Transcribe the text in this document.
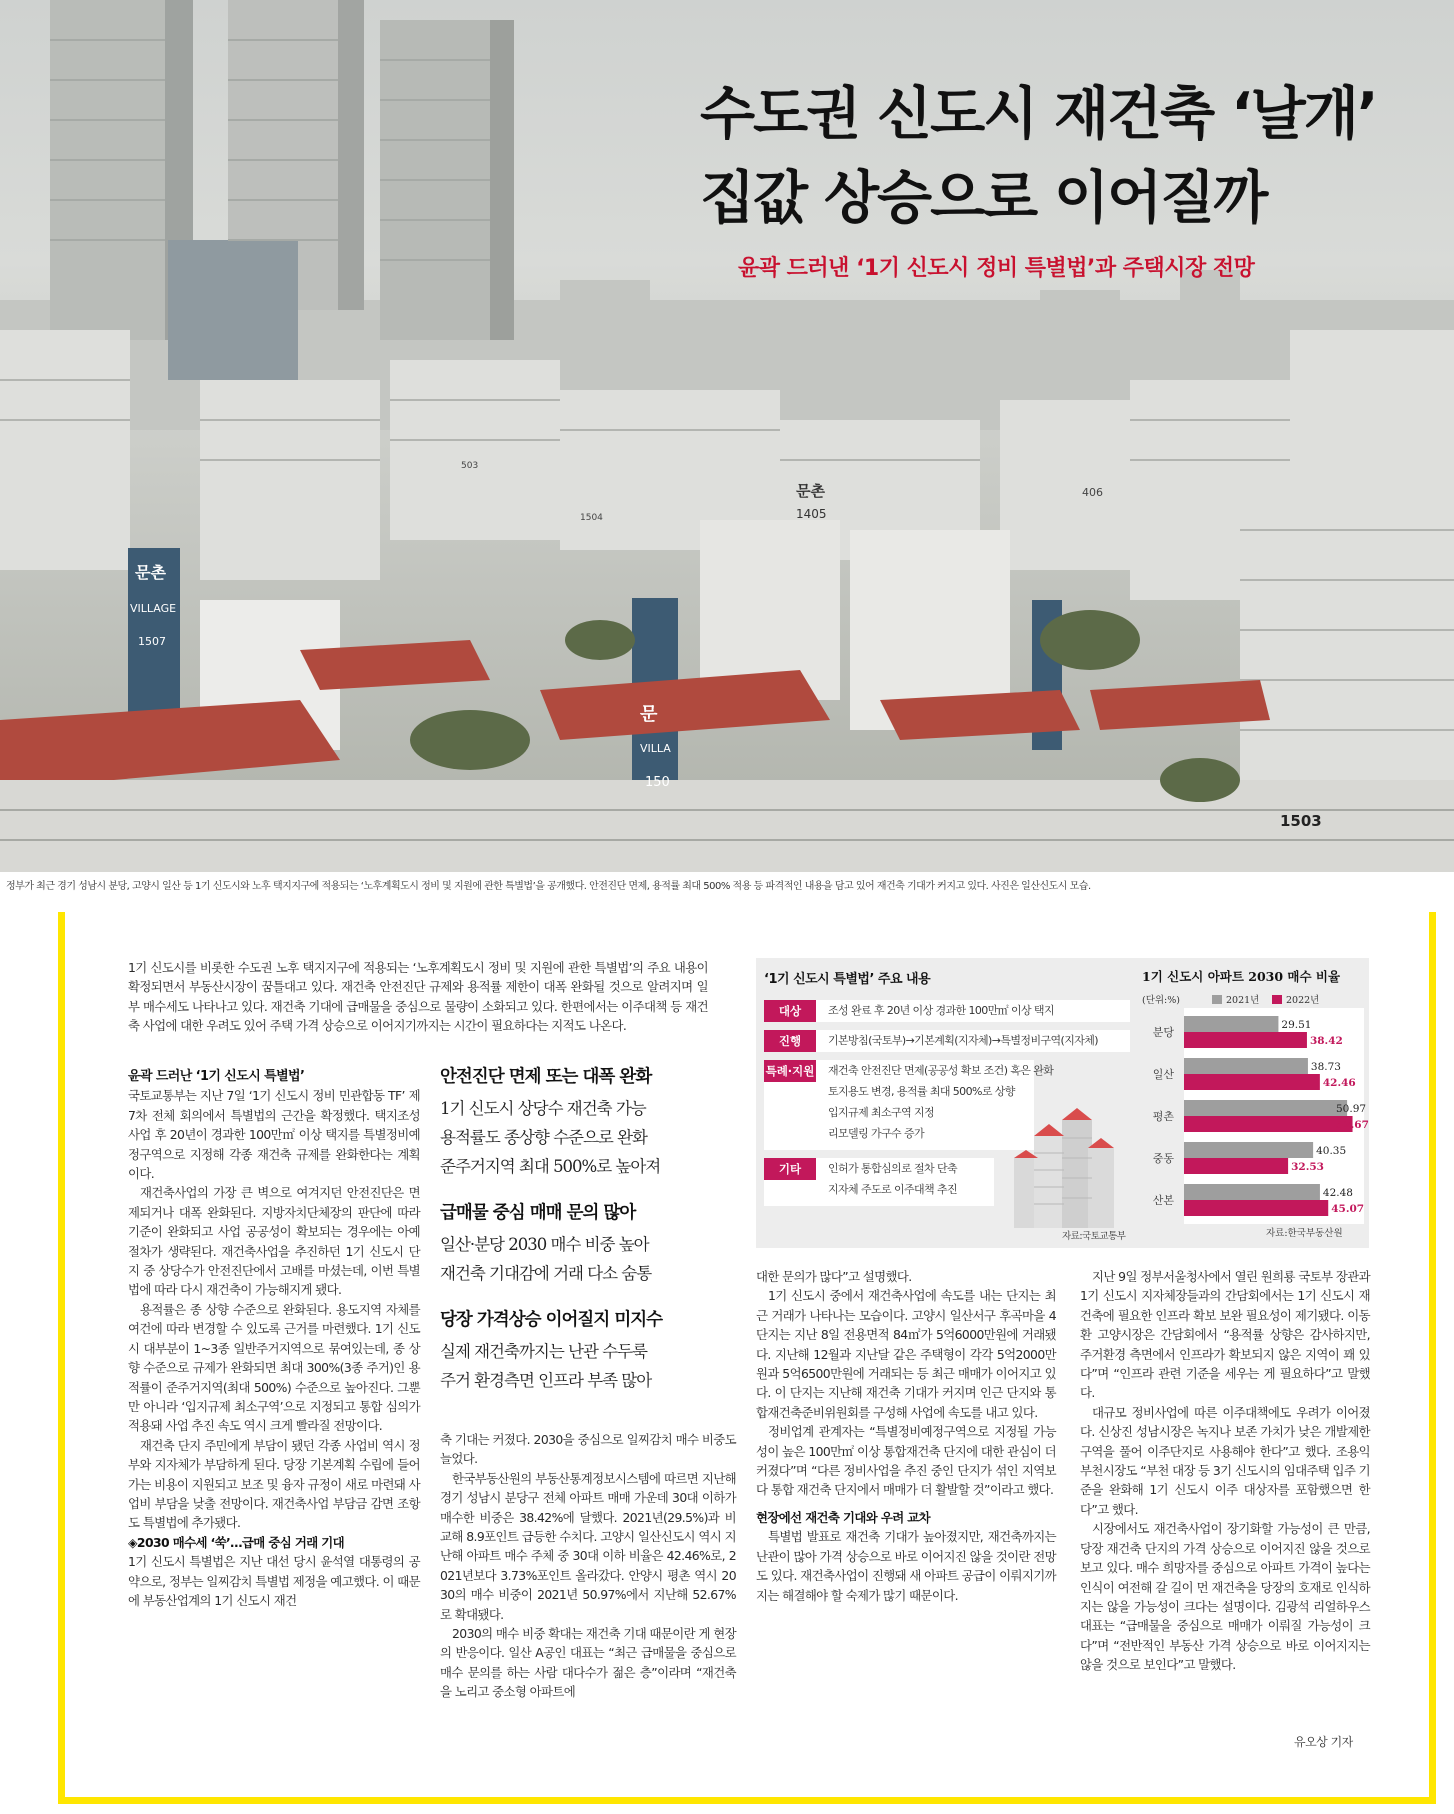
문촌
VILLAGE
1507
문
VILLA
150
문촌
1405
406
1503
503
1504
수도권 신도시 재건축 ‘날개’
집값 상승으로 이어질까
윤곽 드러낸 ‘1기 신도시 정비 특별법’과 주택시장 전망
정부가 최근 경기 성남시 분당, 고양시 일산 등 1기 신도시와 노후 택지지구에 적용되는 ‘노후계획도시 정비 및 지원에 관한 특별법’을 공개했다. 안전진단 면제, 용적률 최대 500% 적용 등 파격적인 내용을 담고 있어 재건축 기대가 커지고 있다. 사진은 일산신도시 모습.

1기 신도시를 비롯한 수도권 노후 택지지구에 적용되는 ‘노후계획도시 정비 및 지원에 관한 특별법’의 주요 내용이 확정되면서 부동산시장이 꿈틀대고 있다. 재건축 안전진단 규제와 용적률 제한이 대폭 완화될 것으로 알려지며 일부 매수세도 나타나고 있다. 재건축 기대에 급매물을 중심으로 물량이 소화되고 있다. 한편에서는 이주대책 등 재건축 사업에 대한 우려도 있어 주택 가격 상승으로 이어지기까지는 시간이 필요하다는 지적도 나온다.

윤곽 드러난 ‘1기 신도시 특별법’

국토교통부는 지난 7일 ‘1기 신도시 정비 민관합동 TF’ 제7차 전체 회의에서 특별법의 근간을 확정했다. 택지조성사업 후 20년이 경과한 100만㎡ 이상 택지를 특별정비예정구역으로 지정해 각종 재건축 규제를 완화한다는 계획이다.

재건축사업의 가장 큰 벽으로 여겨지던 안전진단은 면제되거나 대폭 완화된다. 지방자치단체장의 판단에 따라 기준이 완화되고 사업 공공성이 확보되는 경우에는 아예 절차가 생략된다. 재건축사업을 추진하던 1기 신도시 단지 중 상당수가 안전진단에서 고배를 마셨는데, 이번 특별법에 따라 다시 재건축이 가능해지게 됐다.

용적률은 종 상향 수준으로 완화된다. 용도지역 자체를 여건에 따라 변경할 수 있도록 근거를 마련했다. 1기 신도시 대부분이 1~3종 일반주거지역으로 묶여있는데, 종 상향 수준으로 규제가 완화되면 최대 300%(3종 주거)인 용적률이 준주거지역(최대 500%) 수준으로 높아진다. 그뿐만 아니라 ‘입지규제 최소구역’으로 지정되고 통합 심의가 적용돼 사업 추진 속도 역시 크게 빨라질 전망이다.

재건축 단지 주민에게 부담이 됐던 각종 사업비 역시 정부와 지자체가 부담하게 된다. 당장 기본계획 수립에 들어가는 비용이 지원되고 보조 및 융자 규정이 새로 마련돼 사업비 부담을 낮출 전망이다. 재건축사업 부담금 감면 조항도 특별법에 추가됐다.

◈2030 매수세 ‘쑥’…급매 중심 거래 기대

1기 신도시 특별법은 지난 대선 당시 윤석열 대통령의 공약으로, 정부는 일찌감치 특별법 제정을 예고했다. 이 때문에 부동산업계의 1기 신도시 재건

안전진단 면제 또는 대폭 완화
1기 신도시 상당수 재건축 가능
용적률도 종상향 수준으로 완화
준주거지역 최대 500%로 높아져
급매물 중심 매매 문의 많아
일산·분당 2030 매수 비중 높아
재건축 기대감에 거래 다소 숨통
당장 가격상승 이어질지 미지수
실제 재건축까지는 난관 수두룩
주거 환경측면 인프라 부족 많아

축 기대는 커졌다. 2030을 중심으로 일찌감치 매수 비중도 늘었다.

한국부동산원의 부동산통계정보시스템에 따르면 지난해 경기 성남시 분당구 전체 아파트 매매 가운데 30대 이하가 매수한 비중은 38.42%에 달했다. 2021년(29.5%)과 비교해 8.9포인트 급등한 수치다. 고양시 일산신도시 역시 지난해 아파트 매수 주체 중 30대 이하 비율은 42.46%로, 2021년보다 3.73%포인트 올라갔다. 안양시 평촌 역시 2030의 매수 비중이 2021년 50.97%에서 지난해 52.67%로 확대됐다.

2030의 매수 비중 확대는 재건축 기대 때문이란 게 현장의 반응이다. 일산 A공인 대표는 “최근 급매물을 중심으로 매수 문의를 하는 사람 대다수가 젊은 층”이라며 “재건축을 노리고 중소형 아파트에

대한 문의가 많다”고 설명했다.

1기 신도시 중에서 재건축사업에 속도를 내는 단지는 최근 거래가 나타나는 모습이다. 고양시 일산서구 후곡마을 4단지는 지난 8일 전용면적 84㎡가 5억6000만원에 거래됐다. 지난해 12월과 지난달 같은 주택형이 각각 5억2000만원과 5억6500만원에 거래되는 등 최근 매매가 이어지고 있다. 이 단지는 지난해 재건축 기대가 커지며 인근 단지와 통합재건축준비위원회를 구성해 사업에 속도를 내고 있다.

정비업계 관계자는 “특별정비예정구역으로 지정될 가능성이 높은 100만㎡ 이상 통합재건축 단지에 대한 관심이 더 커졌다”며 “다른 정비사업을 추진 중인 단지가 섞인 지역보다 통합 재건축 단지에서 매매가 더 활발할 것”이라고 했다.

현장에선 재건축 기대와 우려 교차

특별법 발표로 재건축 기대가 높아졌지만, 재건축까지는 난관이 많아 가격 상승으로 바로 이어지진 않을 것이란 전망도 있다. 재건축사업이 진행돼 새 아파트 공급이 이뤄지기까지는 해결해야 할 숙제가 많기 때문이다.

지난 9일 정부서울청사에서 열린 원희룡 국토부 장관과 1기 신도시 지자체장들과의 간담회에서는 1기 신도시 재건축에 필요한 인프라 확보 보완 필요성이 제기됐다. 이동환 고양시장은 간담회에서 “용적률 상향은 감사하지만, 주거환경 측면에서 인프라가 확보되지 않은 지역이 꽤 있다”며 “인프라 관련 기준을 세우는 게 필요하다”고 말했다.

대규모 정비사업에 따른 이주대책에도 우려가 이어졌다. 신상진 성남시장은 녹지나 보존 가치가 낮은 개발제한구역을 풀어 이주단지로 사용해야 한다”고 했다. 조용익 부천시장도 “부천 대장 등 3기 신도시의 임대주택 입주 기준을 완화해 1기 신도시 이주 대상자를 포함했으면 한다”고 했다.

시장에서도 재건축사업이 장기화할 가능성이 큰 만큼, 당장 재건축 단지의 가격 상승으로 이어지진 않을 것으로 보고 있다. 매수 희망자를 중심으로 아파트 가격이 높다는 인식이 여전해 갈 길이 먼 재건축을 당장의 호재로 인식하지는 않을 가능성이 크다는 설명이다. 김광석 리얼하우스 대표는 “급매물을 중심으로 매매가 이뤄질 가능성이 크다”며 “전반적인 부동산 가격 상승으로 바로 이어지지는 않을 것으로 보인다”고 말했다.

유오상 기자
‘1기 신도시 특별법’ 주요 내용
대상	조성 완료 후 20년 이상 경과한 100만㎡ 이상 택지
진행	기본방침(국토부)→기본계획(지자체)→특별정비구역(지자체)
특례·지원 재건축 안전진단 면제(공공성 확보 조건) 혹은 완화
토지용도 변경, 용적률 최대 500%로 상향
입지규제 최소구역 지정
리모델링 가구수 증가
기타	인허가 통합심의로 절차 단축
지자체 주도로 이주대책 추진
자료:국토교통부
1기 신도시 아파트 2030 매수 비율
(단위:%)	2021년	2022년
분당
29.51
38.42
일산
38.73
42.46
평촌
50.97
52.67
중동
40.35
32.53
산본
42.48
45.07
자료:한국부동산원
